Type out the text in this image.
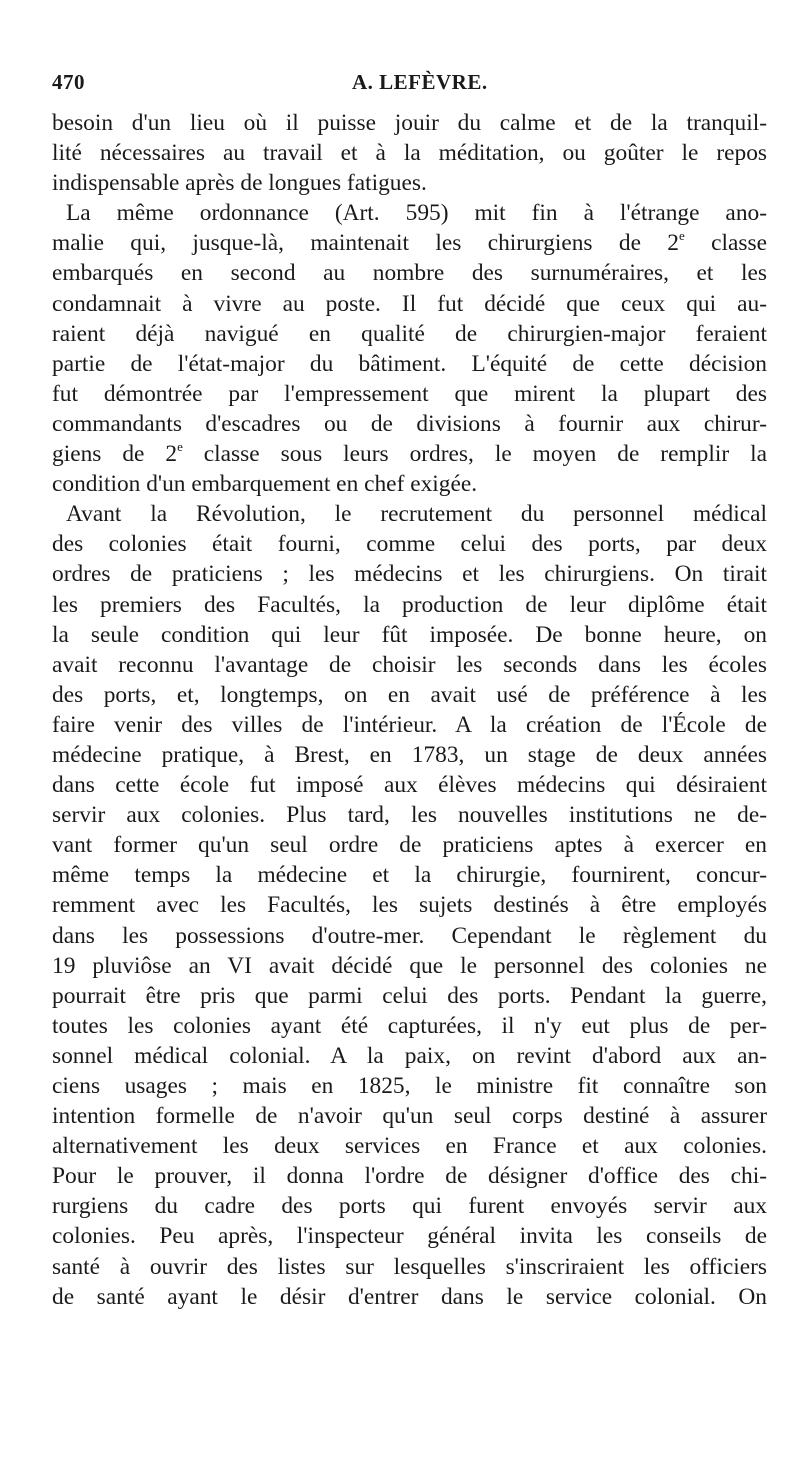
470	A. LEFÈVRE.
besoin d'un lieu où il puisse jouir du calme et de la tranquil-
lité nécessaires au travail et à la méditation, ou goûter le repos
indispensable après de longues fatigues.
La même ordonnance (Art. 595) mit fin à l'étrange ano-
malie qui, jusque-là, maintenait les chirurgiens de 2e classe
embarqués en second au nombre des surnuméraires, et les
condamnait à vivre au poste. Il fut décidé que ceux qui au-
raient déjà navigué en qualité de chirurgien-major feraient
partie de l'état-major du bâtiment. L'équité de cette décision
fut démontrée par l'empressement que mirent la plupart des
commandants d'escadres ou de divisions à fournir aux chirur-
giens de 2e classe sous leurs ordres, le moyen de remplir la
condition d'un embarquement en chef exigée.
Avant la Révolution, le recrutement du personnel médical
des colonies était fourni, comme celui des ports, par deux
ordres de praticiens ; les médecins et les chirurgiens. On tirait
les premiers des Facultés, la production de leur diplôme était
la seule condition qui leur fût imposée. De bonne heure, on
avait reconnu l'avantage de choisir les seconds dans les écoles
des ports, et, longtemps, on en avait usé de préférence à les
faire venir des villes de l'intérieur. A la création de l'École de
médecine pratique, à Brest, en 1783, un stage de deux années
dans cette école fut imposé aux élèves médecins qui désiraient
servir aux colonies. Plus tard, les nouvelles institutions ne de-
vant former qu'un seul ordre de praticiens aptes à exercer en
même temps la médecine et la chirurgie, fournirent, concur-
remment avec les Facultés, les sujets destinés à être employés
dans les possessions d'outre-mer. Cependant le règlement du
19 pluviôse an VI avait décidé que le personnel des colonies ne
pourrait être pris que parmi celui des ports. Pendant la guerre,
toutes les colonies ayant été capturées, il n'y eut plus de per-
sonnel médical colonial. A la paix, on revint d'abord aux an-
ciens usages ; mais en 1825, le ministre fit connaître son
intention formelle de n'avoir qu'un seul corps destiné à assurer
alternativement les deux services en France et aux colonies.
Pour le prouver, il donna l'ordre de désigner d'office des chi-
rurgiens du cadre des ports qui furent envoyés servir aux
colonies. Peu après, l'inspecteur général invita les conseils de
santé à ouvrir des listes sur lesquelles s'inscriraient les officiers
de santé ayant le désir d'entrer dans le service colonial. On
